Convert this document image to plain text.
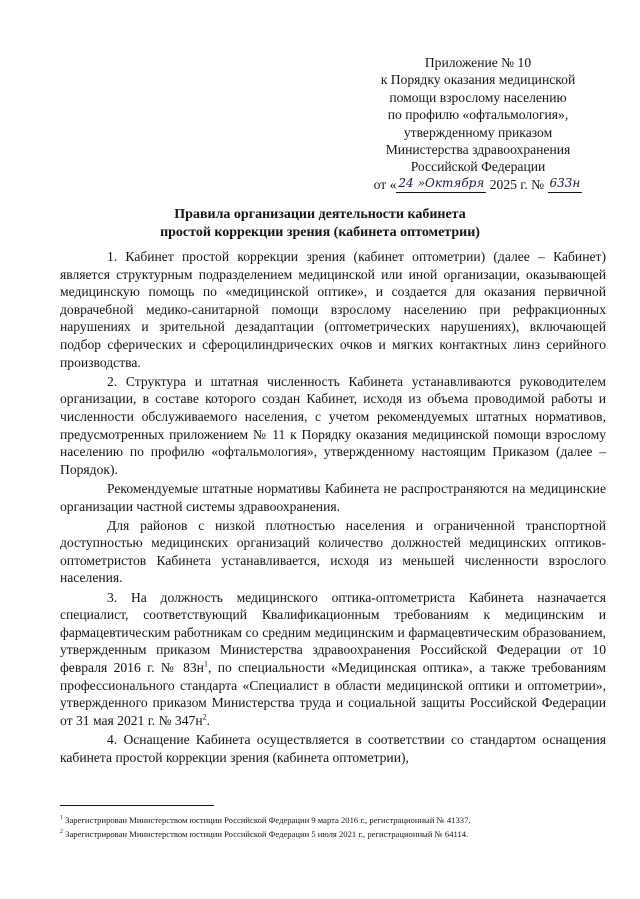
Приложение № 10
к Порядку оказания медицинской
помощи взрослому населению
по профилю «офтальмология»,
утвержденному приказом
Министерства здравоохранения
Российской Федерации
от « 24 »Октября 2025 г. № 633н
Правила организации деятельности кабинета
простой коррекции зрения (кабинета оптометрии)

1. Кабинет простой коррекции зрения (кабинет оптометрии) (далее – Кабинет) является структурным подразделением медицинской или иной организации, оказывающей медицинскую помощь по «медицинской оптике», и создается для оказания первичной доврачебной медико-санитарной помощи взрослому населению при рефракционных нарушениях и зрительной дезадаптации (оптометрических нарушениях), включающей подбор сферических и сфероцилиндрических очков и мягких контактных линз серийного производства.

2. Структура и штатная численность Кабинета устанавливаются руководителем организации, в составе которого создан Кабинет, исходя из объема проводимой работы и численности обслуживаемого населения, с учетом рекомендуемых штатных нормативов, предусмотренных приложением № 11 к Порядку оказания медицинской помощи взрослому населению по профилю «офтальмология», утвержденному настоящим Приказом (далее – Порядок).

Рекомендуемые штатные нормативы Кабинета не распространяются на медицинские организации частной системы здравоохранения.

Для районов с низкой плотностью населения и ограниченной транспортной доступностью медицинских организаций количество должностей медицинских оптиков-оптометристов Кабинета устанавливается, исходя из меньшей численности взрослого населения.

3. На должность медицинского оптика-оптометриста Кабинета назначается специалист, соответствующий Квалификационным требованиям к медицинским и фармацевтическим работникам со средним медицинским и фармацевтическим образованием, утвержденным приказом Министерства здравоохранения Российской Федерации от 10 февраля 2016 г. № $83н^1$, по специальности «Медицинская оптика», а также требованиям профессионального стандарта «Специалист в области медицинской оптики и оптометрии», утвержденного приказом Министерства труда и социальной защиты Российской Федерации от 31 мая 2021 г. № $347н^2$.

4. Оснащение Кабинета осуществляется в соответствии со стандартом оснащения кабинета простой коррекции зрения (кабинета оптометрии),

$^1$ Зарегистрирован Министерством юстиции Российской Федерации 9 марта 2016 г., регистрационный № 41337.
$^2$ Зарегистрирован Министерством юстиции Российской Федерации 5 июля 2021 г., регистрационный № 64114.
